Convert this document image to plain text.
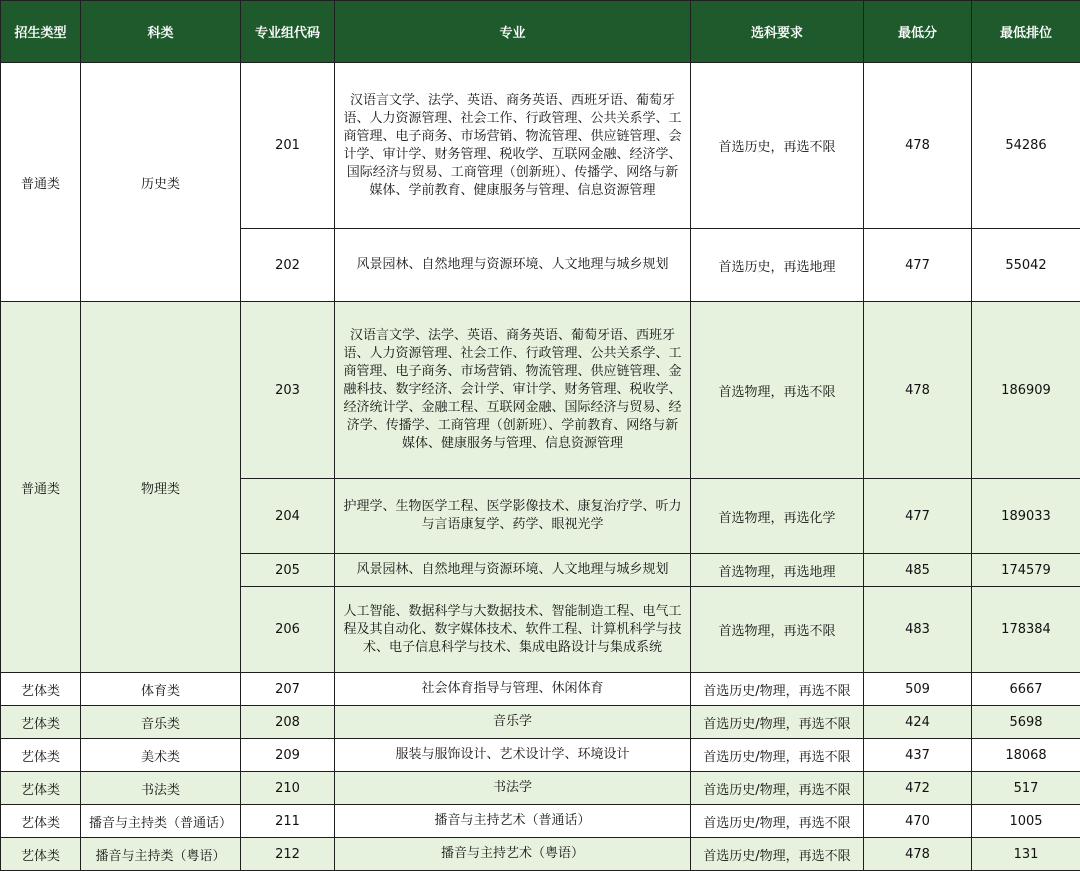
招生类型	科类	专业组代码	专业	选科要求	最低分	最低排位
普通类	历史类	201	汉语言文学、法学、英语、商务英语、西班牙语、葡萄牙语、人力资源管理、社会工作、行政管理、公共关系学、工商管理、电子商务、市场营销、物流管理、供应链管理、会计学、审计学、财务管理、税收学、互联网金融、经济学、国际经济与贸易、工商管理（创新班）、传播学、网络与新媒体、学前教育、健康服务与管理、信息资源管理	首选历史，再选不限	478	54286
		202	风景园林、自然地理与资源环境、人文地理与城乡规划	首选历史，再选地理	477	55042
普通类	物理类	203	汉语言文学、法学、英语、商务英语、葡萄牙语、西班牙语、人力资源管理、社会工作、行政管理、公共关系学、工商管理、电子商务、市场营销、物流管理、供应链管理、金融科技、数字经济、会计学、审计学、财务管理、税收学、经济统计学、金融工程、互联网金融、国际经济与贸易、经济学、传播学、工商管理（创新班）、学前教育、网络与新媒体、健康服务与管理、信息资源管理	首选物理，再选不限	478	186909
		204	护理学、生物医学工程、医学影像技术、康复治疗学、听力与言语康复学、药学、眼视光学	首选物理，再选化学	477	189033
		205	风景园林、自然地理与资源环境、人文地理与城乡规划	首选物理，再选地理	485	174579
		206	人工智能、数据科学与大数据技术、智能制造工程、电气工程及其自动化、数字媒体技术、软件工程、计算机科学与技术、电子信息科学与技术、集成电路设计与集成系统	首选物理，再选不限	483	178384
艺体类	体育类	207	社会体育指导与管理、休闲体育	首选历史/物理，再选不限	509	6667
艺体类	音乐类	208	音乐学	首选历史/物理，再选不限	424	5698
艺体类	美术类	209	服装与服饰设计、艺术设计学、环境设计	首选历史/物理，再选不限	437	18068
艺体类	书法类	210	书法学	首选历史/物理，再选不限	472	517
艺体类	播音与主持类（普通话）	211	播音与主持艺术（普通话）	首选历史/物理，再选不限	470	1005
艺体类	播音与主持类（粤语）	212	播音与主持艺术（粤语）	首选历史/物理，再选不限	478	131
